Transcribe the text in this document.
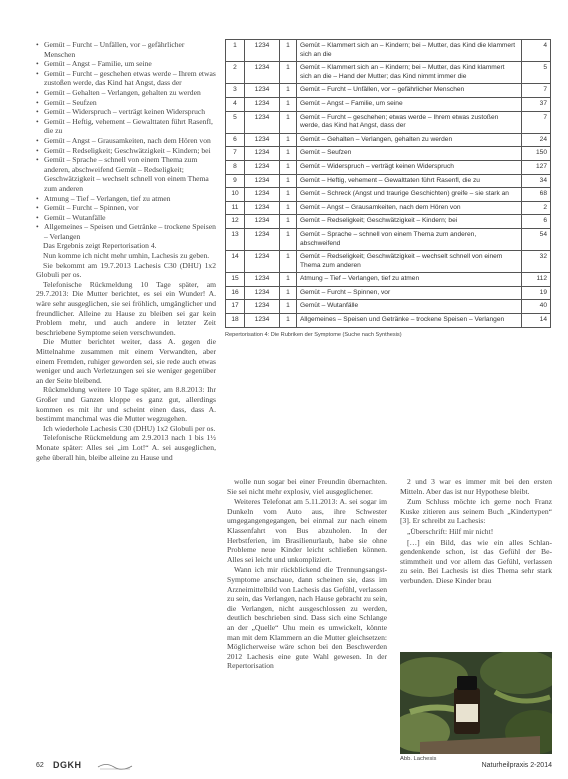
• Gemüt – Furcht – Unfällen, vor – gefährlicher Menschen
• Gemüt – Angst – Familie, um seine
• Gemüt – Furcht – geschehen etwas werde – Ihrem etwas zustoßen werde, das Kind hat Angst, dass der
• Gemüt – Gehalten – Verlangen, gehalten zu werden
• Gemüt – Seufzen
• Gemüt – Widerspruch – verträgt keinen Widerspruch
• Gemüt – Heftig, vehement – Gewalttaten führt Rasenfl, die zu
• Gemüt – Angst – Grausamkeiten, nach dem Hören von
• Gemüt – Redseligkeit; Geschwätzigkeit – Kindern; bei
• Gemüt – Sprache – schnell von einem Thema zum anderen, abschweifend Gemüt – Redseligkeit; Geschwätzigkeit – wechselt schnell von einem Thema zum anderen
• Atmung – Tief – Verlangen, tief zu atmen
• Gemüt – Furcht – Spinnen, vor
• Gemüt – Wutanfälle
• Allgemeines – Speisen und Getränke – trockene Speisen – Verlangen

Das Ergebnis zeigt Repertorisation 4.

Nun komme ich nicht mehr umhin, Lachesis zu geben.

Sie bekommt am 19.7.2013 Lachesis C30 (DHU) 1x2 Globuli per os.

Telefonische Rückmeldung 10 Tage später, am 29.7.2013: Die Mutter berichtet, es sei ein Wunder! A. wäre sehr ausgeglichen, sie sei fröhlich, umgänglicher und freundlicher. Alleine zu Hause zu bleiben sei gar kein Problem mehr, und auch andere in letzter Zeit beschriebene Symptome seien verschwunden.

Die Mutter berichtet weiter, dass A. gegen die Mittelnahme zusammen mit einem Verwandten, aber einem Fremden, ruhiger geworden sei, sie rede auch etwas weniger und auch Verletzungen sei sie weniger gegenüber an der Seite bleibend.

Rückmeldung weitere 10 Tage später, am 8.8.2013: Ihr Großer und Ganzen kloppe es ganz gut, allerdings kommen es mit ihr und scheint einen dass, dass A. bestimmt manchmal was die Mutter wegzugehen.

Ich wiederhole Lachesis C30 (DHU) 1x2 Globuli per os.

Telefonische Rückmeldung am 2.9.2013 nach 1 bis 1½ Monate später: Alles sei „im Lot!“ A. sei ausgeglichen, gehe überall hin, bleibe alleine zu Hause und

1	1234	1	Gemüt – Klammert sich an – Kindern; bei – Mutter, das Kind die klammert sich an die	4
2	1234	1	Gemüt – Klammert sich an – Kindern; bei – Mutter, das Kind klammert sich an die – Hand der Mutter; das Kind nimmt immer die	5
3	1234	1	Gemüt – Furcht – Unfällen, vor – gefährlicher Menschen	7
4	1234	1	Gemüt – Angst – Familie, um seine	37
5	1234	1	Gemüt – Furcht – geschehen; etwas werde – Ihrem etwas zustoßen werde, das Kind hat Angst, dass der	7
6	1234	1	Gemüt – Gehalten – Verlangen, gehalten zu werden	24
7	1234	1	Gemüt – Seufzen	150
8	1234	1	Gemüt – Widerspruch – verträgt keinen Widerspruch	127
9	1234	1	Gemüt – Heftig, vehement – Gewalttaten führt Rasenfl, die zu	34
10	1234	1	Gemüt – Schreck (Angst und traurige Geschichten) greife – sie stark an	68
11	1234	1	Gemüt – Angst – Grausamkeiten, nach dem Hören von	2
12	1234	1	Gemüt – Redseligkeit; Geschwätzigkeit – Kindern; bei	6
13	1234	1	Gemüt – Sprache – schnell von einem Thema zum anderen, abschweifend	54
14	1234	1	Gemüt – Redseligkeit; Geschwätzigkeit – wechselt schnell von einem Thema zum anderen	32
15	1234	1	Atmung – Tief – Verlangen, tief zu atmen	112
16	1234	1	Gemüt – Furcht – Spinnen, vor	19
17	1234	1	Gemüt – Wutanfälle	40
18	1234	1	Allgemeines – Speisen und Getränke – trockene Speisen – Verlangen	14
Repertorisation 4: Die Rubriken der Symptome (Suche nach Synthesis)

wolle nun sogar bei einer Freundin übernachten. Sie sei nicht mehr explosiv, viel ausgeglichener.

Weiteres Telefonat am 5.11.2013: A. sei sogar im Dunkeln vom Auto aus, ihre Schwester umgegangengegangen, bei einmal zur nach einem Klassenfahrt von Bus abzuholen. In der Herbstferien, im Brasilienurlaub, habe sie ohne Probleme neue Kinder leicht schließen können. Alles sei leicht und unkompliziert.

Wann ich mir rückblickend die Trennungsangst-Symptome anschaue, dann scheinen sie, dass im Arzneimittelbild von Lachesis das Gefühl, verlassen zu sein, das Verlangen, nach Hause gebracht zu sein, die Verlangen, nicht ausgeschlossen zu werden, deutlich beschrieben sind. Dass sich eine Schlange an der „Quelle“ Uhu mein es umwickelt, könnte man mit dem Klammern an die Mutter gleichsetzen: Möglicherweise wäre schon bei den Beschwerden 2012 Lachesis eine gute Wahl gewesen. In der Repertorisation

2 und 3 war es immer mit bei den ersten Mitteln. Aber das ist nur Hypothese bleibt.

Zum Schluss möchte ich gerne noch Franz Kuske zitieren aus seinem Buch „Kindertypen“ [3]. Er schreibt zu Lachesis:

„Überschrift: Hilf mir nicht!

[…] ein Bild, das wie ein alles Schlangendenkende schon, ist das Gefühl der Bestimmtheit und vor allem das Gefühl, verlassen zu sein. Bei Lachesis ist dies Thema sehr stark verbunden. Diese Kinder brau

Abb. Lachesis
62 DGKH	Naturheilpraxis 2-2014
